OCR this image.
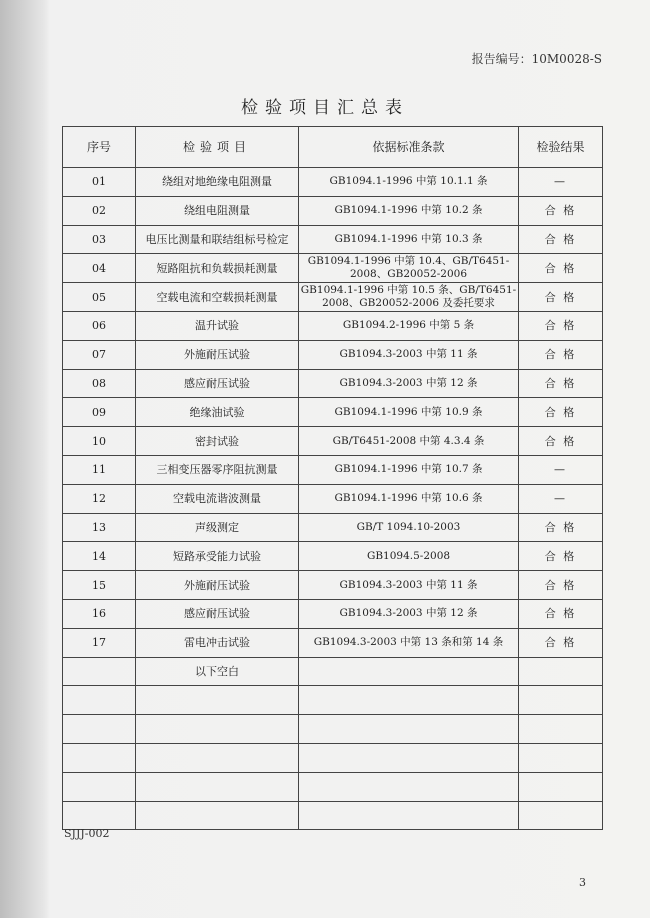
报告编号：10M0028-S
检验项目汇总表
序号	检验项目	依据标准条款	检验结果
01	绕组对地绝缘电阻测量	GB1094.1-1996 中第 10.1.1 条	—
02	绕组电阻测量	GB1094.1-1996 中第 10.2 条	合 格
03	电压比测量和联结组标号检定	GB1094.1-1996 中第 10.3 条	合 格
04	短路阻抗和负载损耗测量	GB1094.1-1996 中第 10.4、GB/T6451-2008、GB20052-2006	合 格
05	空载电流和空载损耗测量	GB1094.1-1996 中第 10.5 条、GB/T6451-2008、GB20052-2006 及委托要求	合 格
06	温升试验	GB1094.2-1996 中第 5 条	合 格
07	外施耐压试验	GB1094.3-2003 中第 11 条	合 格
08	感应耐压试验	GB1094.3-2003 中第 12 条	合 格
09	绝缘油试验	GB1094.1-1996 中第 10.9 条	合 格
10	密封试验	GB/T6451-2008 中第 4.3.4 条	合 格
11	三相变压器零序阻抗测量	GB1094.1-1996 中第 10.7 条	—
12	空载电流谐波测量	GB1094.1-1996 中第 10.6 条	—
13	声级测定	GB/T 1094.10-2003	合 格
14	短路承受能力试验	GB1094.5-2008	合 格
15	外施耐压试验	GB1094.3-2003 中第 11 条	合 格
16	感应耐压试验	GB1094.3-2003 中第 12 条	合 格
17	雷电冲击试验	GB1094.3-2003 中第 13 条和第 14 条	合 格
	以下空白		

SJJJ-002
3
